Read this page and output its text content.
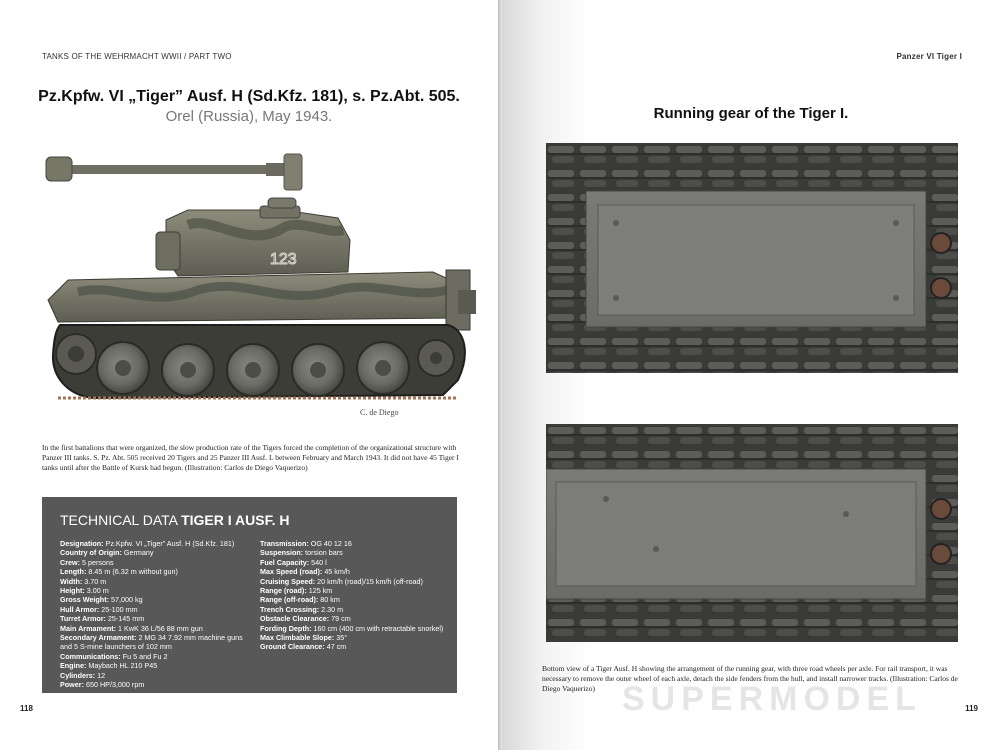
TANKS OF THE WEHRMACHT WWII / PART TWO
Pz.Kpfw. VI „Tiger” Ausf. H (Sd.Kfz. 181), s. Pz.Abt. 505.
Orel (Russia), May 1943.
123
C. de Diego
In the first battalions that were organized, the slow production rate of the Tigers forced the completion of the organizational structure with Panzer III tanks. S. Pz. Abt. 505 received 20 Tigers and 25 Panzer III Ausf. L between February and March 1943. It did not have 45 Tiger I tanks until after the Battle of Kursk had begun. (Illustration: Carlos de Diego Vaquerizo)
TECHNICAL DATA TIGER I AUSF. H
Designation: Pz.Kpfw. VI „Tiger” Ausf. H (Sd.Kfz. 181)
Country of Origin: Germany
Crew: 5 persons
Length: 8.45 m (6.32 m without gun)
Width: 3.70 m
Height: 3.00 m
Gross Weight: 57,000 kg
Hull Armor: 25-100 mm
Turret Armor: 25-145 mm
Main Armament: 1 KwK 36 L/56 88 mm gun
Secondary Armament: 2 MG 34 7.92 mm machine guns
and 5 S-mine launchers of 102 mm
Communications: Fu 5 and Fu 2
Engine: Maybach HL 210 P45
Cylinders: 12
Power: 650 HP/3,000 rpm
Transmission: OG 40 12 16
Suspension: torsion bars
Fuel Capacity: 540 l
Max Speed (road): 45 km/h
Cruising Speed: 20 km/h (road)/15 km/h (off-road)
Range (road): 125 km
Range (off-road): 80 km
Trench Crossing: 2.30 m
Obstacle Clearance: 79 cm
Fording Depth: 160 cm (400 cm with retractable snorkel)
Max Climbable Slope: 35°
Ground Clearance: 47 cm
118
Panzer VI Tiger I
Running gear of the Tiger I.
Bottom view of a Tiger Ausf. H showing the arrangement of the running gear, with three road wheels per axle. For rail transport, it was necessary to remove the outer wheel of each axle, detach the side fenders from the hull, and install narrower tracks. (Illustration: Carlos de Diego Vaquerizo) SUPERMODEL	119
